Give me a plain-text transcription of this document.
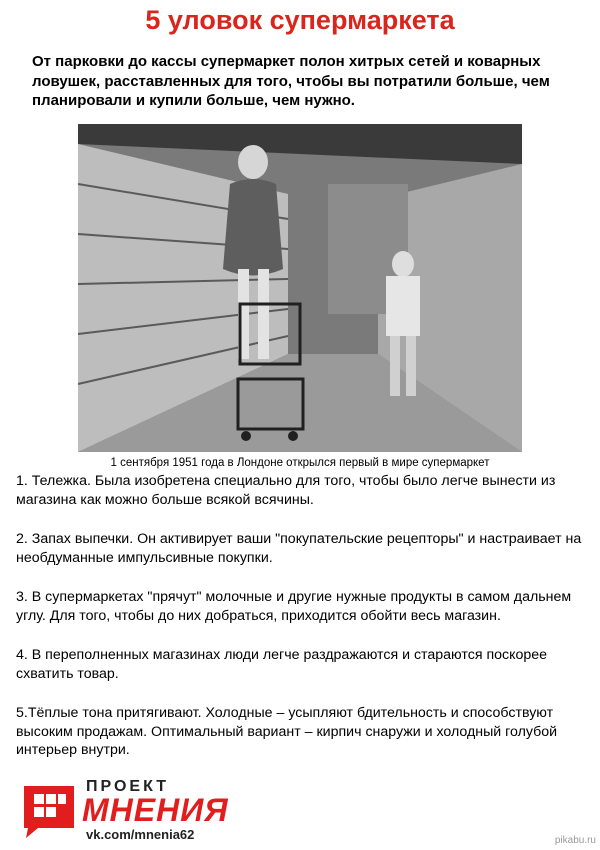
5 уловок супермаркета
От парковки до кассы супермаркет полон хитрых сетей и коварных ловушек, расставленных для того, чтобы вы потратили больше, чем планировали и купили больше, чем нужно.
1 сентября 1951 года в Лондоне открылся первый в мире супермаркет

1. Тележка. Была изобретена специально для того, чтобы было легче вынести из магазина как можно больше всякой всячины.

2. Запах выпечки. Он активирует ваши "покупательские рецепторы" и настраивает на необдуманные импульсивные покупки.

3. В супермаркетах "прячут" молочные и другие нужные продукты в самом дальнем углу. Для того, чтобы до них добраться, приходится обойти весь магазин.

4. В переполненных магазинах люди легче раздражаются и стараются поскорее схватить товар.

5.Тёплые тона притягивают. Холодные – усыпляют бдительность и способствуют высоким продажам. Оптимальный вариант – кирпич снаружи и холодный голубой интерьер внутри.

ПРОЕКТ
МНЕНИЯ
vk.com/mnenia62	pikabu.ru
